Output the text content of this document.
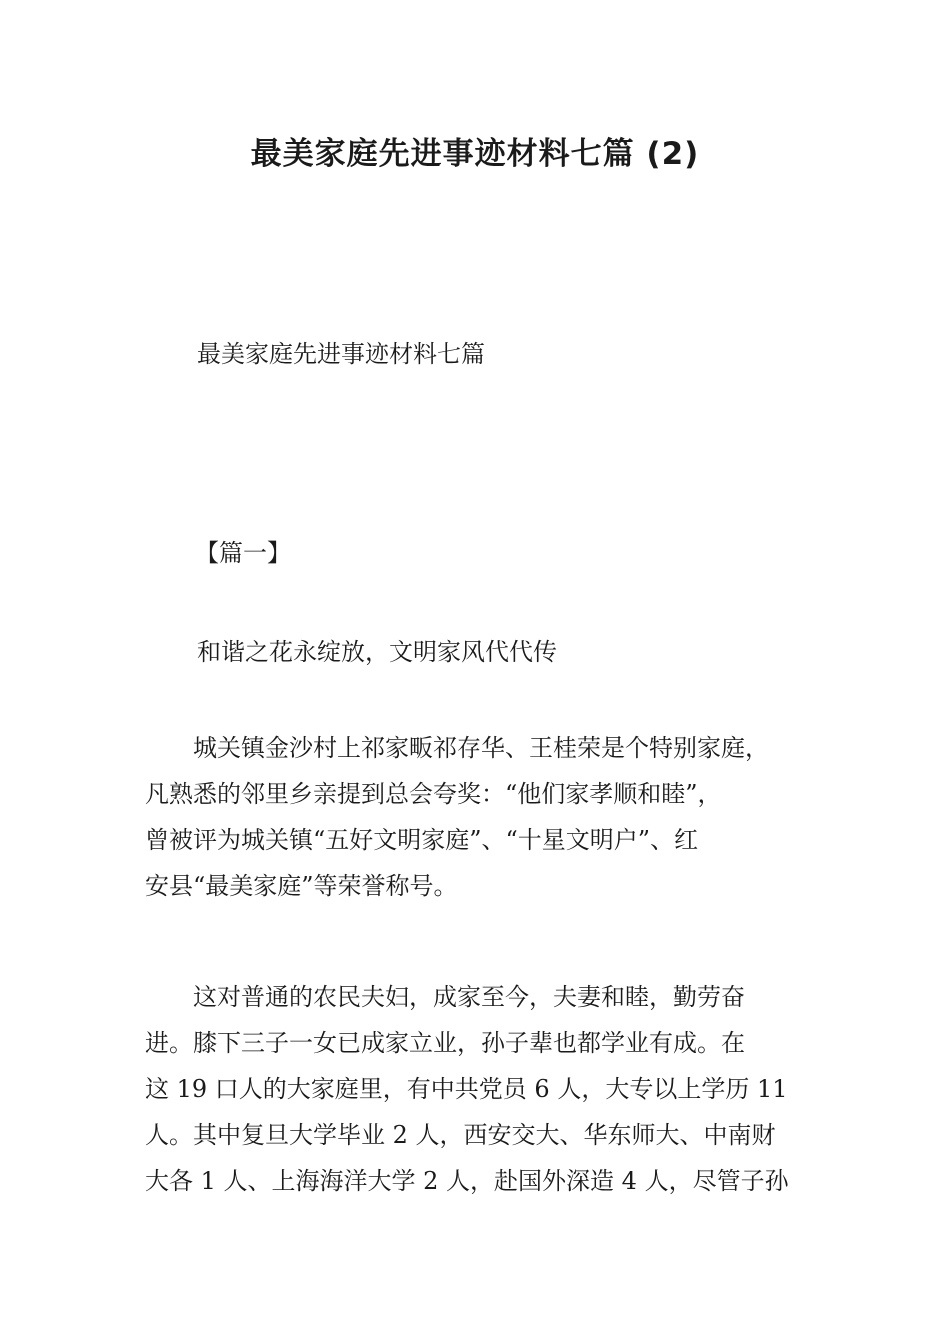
最美家庭先进事迹材料七篇 (2)

最美家庭先进事迹材料七篇

【篇一】

和谐之花永绽放，文明家风代代传

　　城关镇金沙村上祁家畈祁存华、王桂荣是个特别家庭，
凡熟悉的邻里乡亲提到总会夸奖：“他们家孝顺和睦”，
曾被评为城关镇“五好文明家庭”、“十星文明户”、红
安县“最美家庭”等荣誉称号。

　　这对普通的农民夫妇，成家至今，夫妻和睦，勤劳奋
进。膝下三子一女已成家立业，孙子辈也都学业有成。在
这 19 口人的大家庭里，有中共党员 6 人，大专以上学历 11
人。其中复旦大学毕业 2 人，西安交大、华东师大、中南财
大各 1 人、上海海洋大学 2 人，赴国外深造 4 人，尽管子孙
